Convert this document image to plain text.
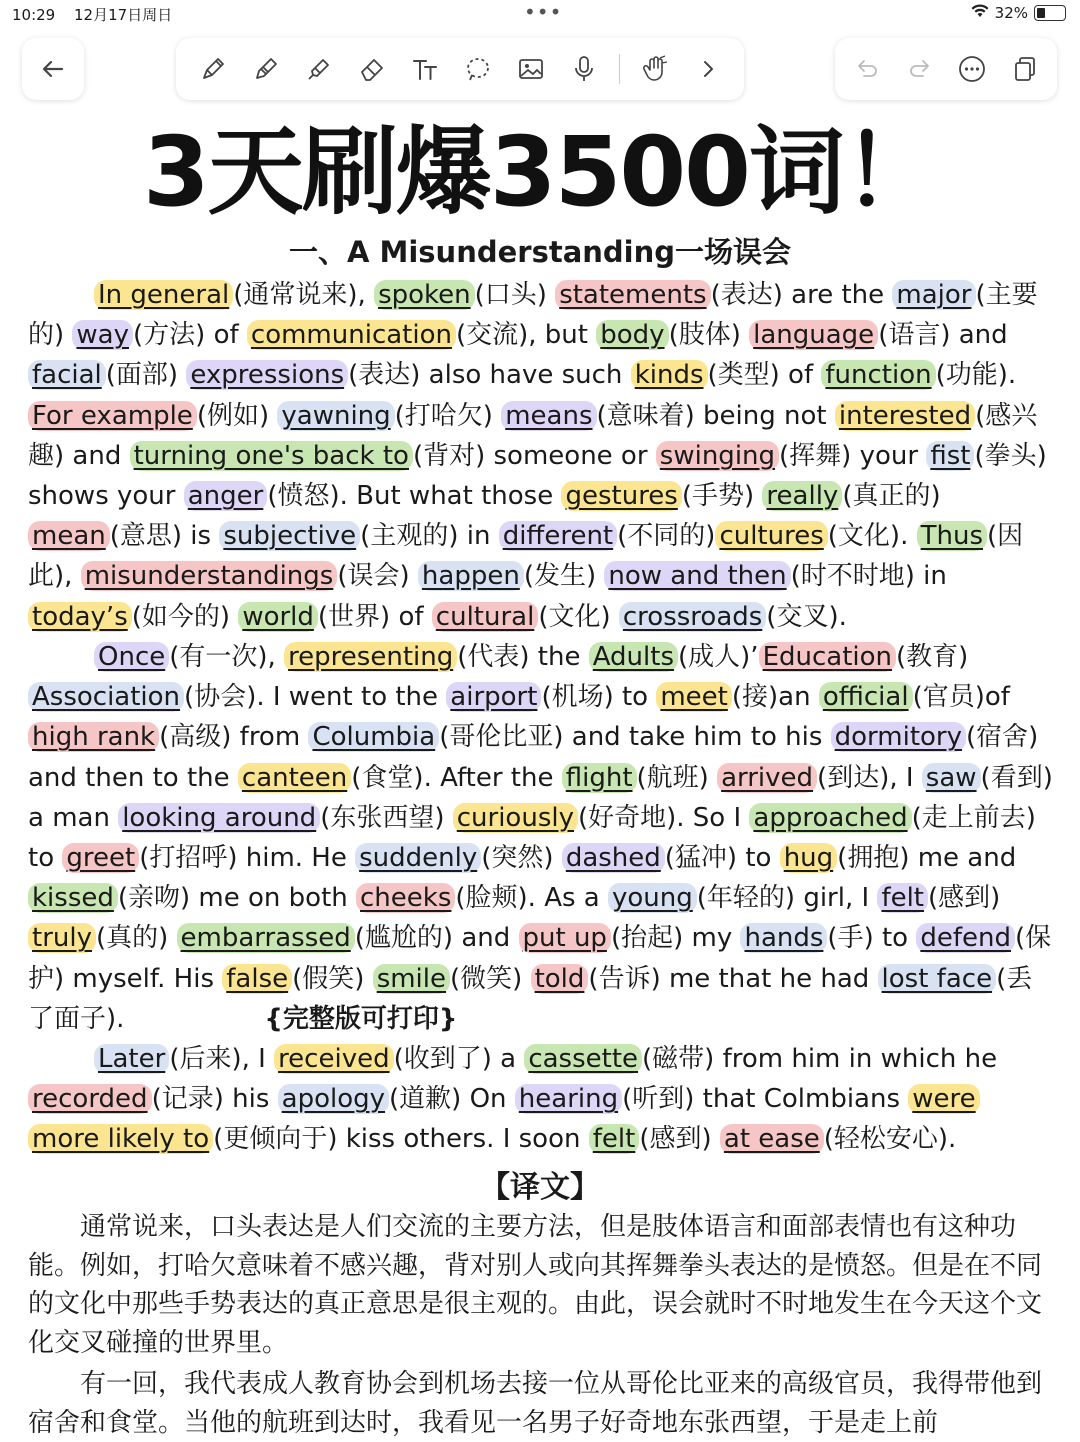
10:29 12月17日周日	•••	32%
3天刷爆3500词！
一、A Misunderstanding一场误会
In general (通常说来), spoken (口头) statements (表达) are the major (主要的) way (方法) of communication (交流), but body (肢体) language (语言) and facial (面部) expressions (表达) also have such kinds (类型) of function (功能). For example (例如) yawning (打哈欠) means (意味着) being not interested (感兴趣) and turning one's back to (背对) someone or swinging (挥舞) your fist (拳头) shows your anger (愤怒). But what those gestures (手势) really (真正的) mean (意思) is subjective (主观的) in different (不同的) cultures (文化). Thus (因此), misunderstandings (误会) happen (发生) now and then (时不时地) in today’s (如今的) world (世界) of cultural (文化) crossroads (交叉).
Once (有一次), representing (代表) the Adults (成人)’ Education (教育) Association (协会). I went to the airport (机场) to meet (接)an official (官员)of high rank (高级) from Columbia (哥伦比亚) and take him to his dormitory (宿舍) and then to the canteen (食堂). After the flight (航班) arrived (到达), I saw (看到) a man looking around (东张西望) curiously (好奇地). So I approached (走上前去) to greet (打招呼) him. He suddenly (突然) dashed (猛冲) to hug (拥抱) me and kissed (亲吻) me on both cheeks (脸颊). As a young (年轻的) girl, I felt (感到) truly (真的) embarrassed (尴尬的) and put up (抬起) my hands (手) to defend (保护) myself. His false (假笑) smile (微笑) told (告诉) me that he had lost face (丢了面子).	{完整版可打印}
Later (后来), I received (收到了) a cassette (磁带) from him in which he recorded (记录) his apology (道歉) On hearing (听到) that Colmbians were more likely to (更倾向于) kiss others. I soon felt (感到) at ease (轻松安心).
【译文】
通常说来，口头表达是人们交流的主要方法，但是肢体语言和面部表情也有这种功能。例如，打哈欠意味着不感兴趣，背对别人或向其挥舞拳头表达的是愤怒。但是在不同的文化中那些手势表达的真正意思是很主观的。由此，误会就时不时地发生在今天这个文化交叉碰撞的世界里。
有一回，我代表成人教育协会到机场去接一位从哥伦比亚来的高级官员，我得带他到宿舍和食堂。当他的航班到达时，我看见一名男子好奇地东张西望，于是走上前
